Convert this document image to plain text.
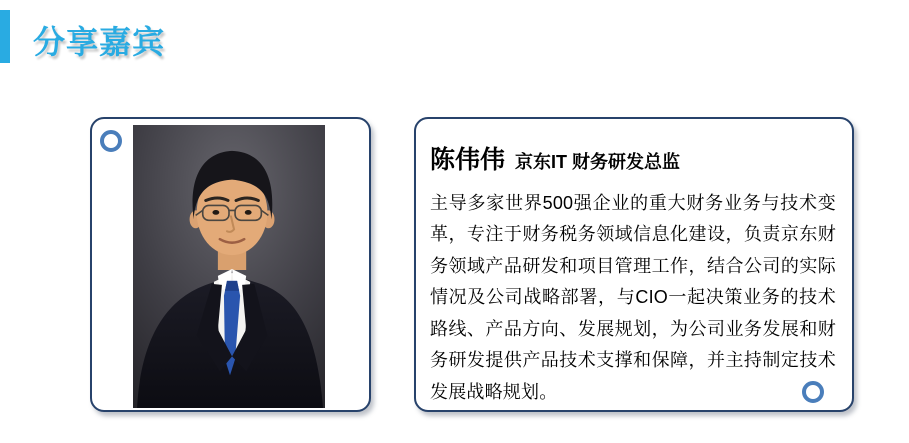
分享嘉宾
陈伟伟 京东IT 财务研发总监

主导多家世界500强企业的重大财务业务与技术变革，专注于财务税务领域信息化建设，负责京东财务领域产品研发和项目管理工作，结合公司的实际情况及公司战略部署，与CIO一起决策业务的技术路线、产品方向、发展规划，为公司业务发展和财务研发提供产品技术支撑和保障，并主持制定技术发展战略规划。
